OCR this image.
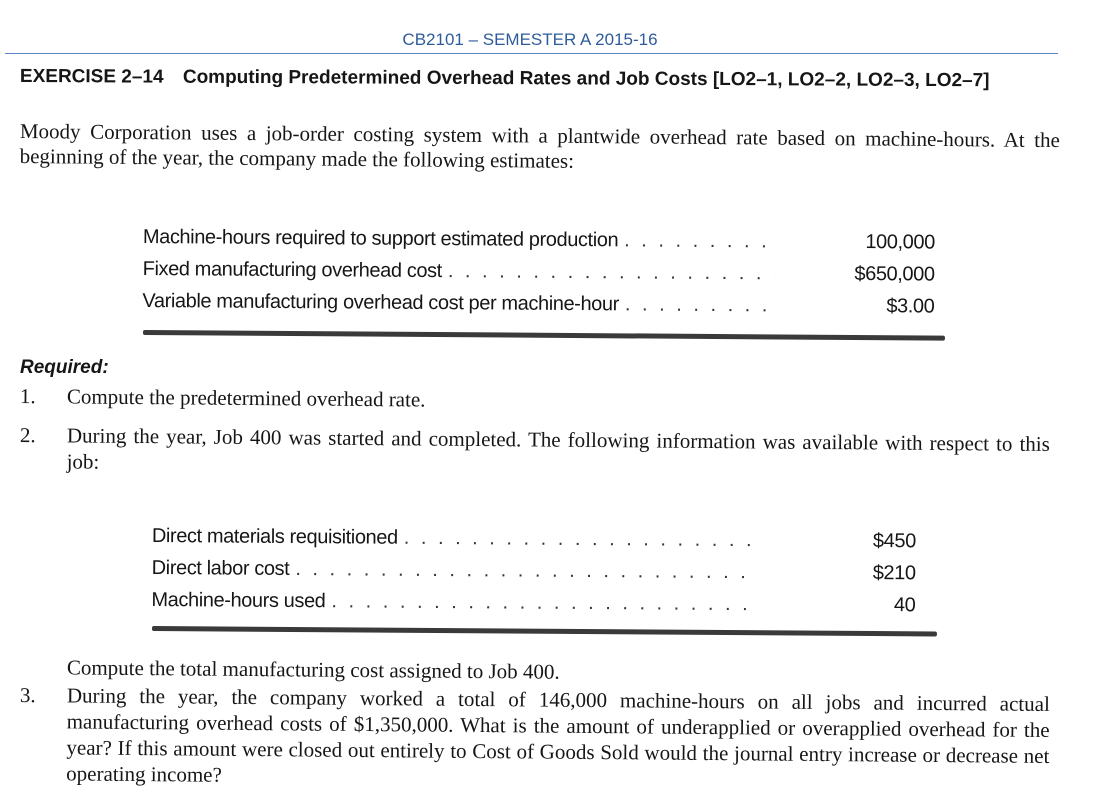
CB2101 – SEMESTER A 2015-16
EXERCISE 2–14 Computing Predetermined Overhead Rates and Job Costs [LO2–1, LO2–2, LO2–3, LO2–7]
Moody Corporation uses a job-order costing system with a plantwide overhead rate based on machine-hours. At the beginning of the year, the company made the following estimates:
Machine-hours required to support estimated production . . .	100,000
Fixed manufacturing overhead cost . . .	$650,000
Variable manufacturing overhead cost per machine-hour . . .	$3.00
Required:
1. Compute the predetermined overhead rate.
2. During the year, Job 400 was started and completed. The following information was available with respect to this job:
Direct materials requisitioned . . .	$450
Direct labor cost . . .	$210
Machine-hours used . . .	40
Compute the total manufacturing cost assigned to Job 400.
3. During the year, the company worked a total of 146,000 machine-hours on all jobs and incurred actual manufacturing overhead costs of $1,350,000. What is the amount of underapplied or overapplied overhead for the year? If this amount were closed out entirely to Cost of Goods Sold would the journal entry increase or decrease net operating income?
